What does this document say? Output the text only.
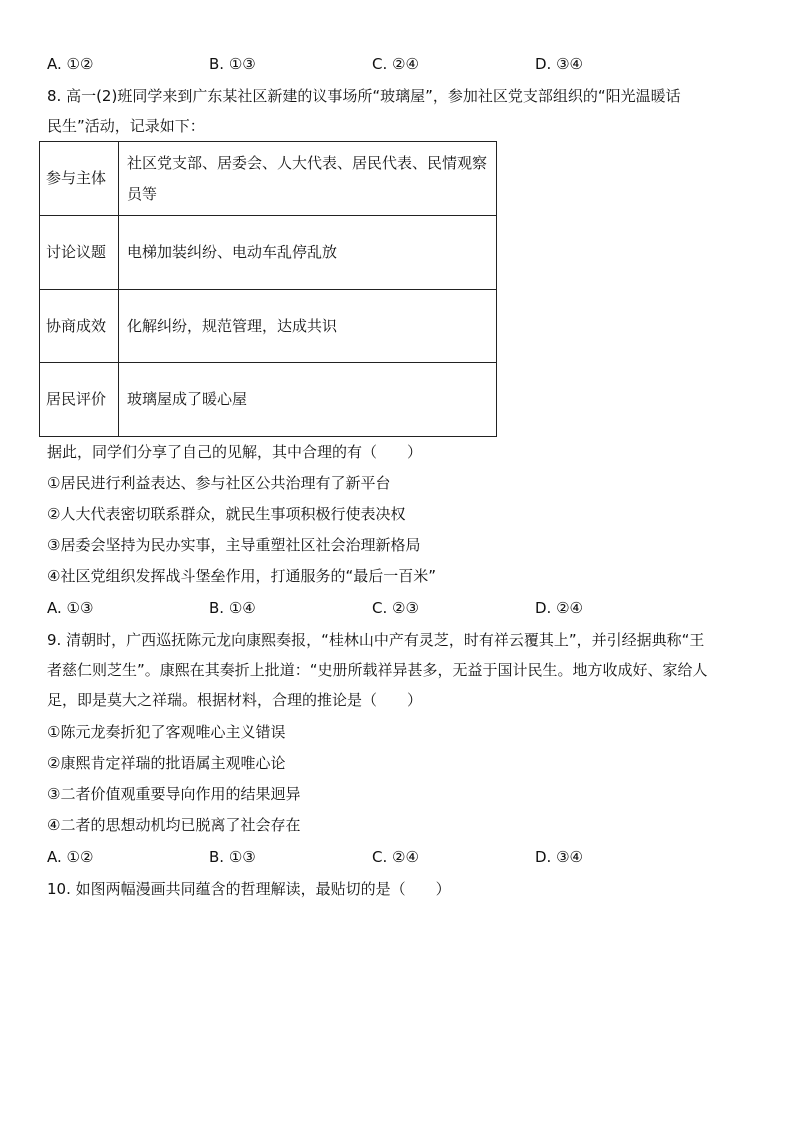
A. ①②	B. ①③	C. ②④	D. ③④
8. 高一(2)班同学来到广东某社区新建的议事场所“玻璃屋”，参加社区党支部组织的“阳光温暖话
民生”活动，记录如下：
参与主体	社区党支部、居委会、人大代表、居民代表、民情观察员等
讨论议题	电梯加装纠纷、电动车乱停乱放
协商成效	化解纠纷，规范管理，达成共识
居民评价	玻璃屋成了暖心屋
据此，同学们分享了自己的见解，其中合理的有（　　）
①居民进行利益表达、参与社区公共治理有了新平台
②人大代表密切联系群众，就民生事项积极行使表决权
③居委会坚持为民办实事，主导重塑社区社会治理新格局
④社区党组织发挥战斗堡垒作用，打通服务的“最后一百米”
A. ①③	B. ①④	C. ②③	D. ②④
9. 清朝时，广西巡抚陈元龙向康熙奏报，“桂林山中产有灵芝，时有祥云覆其上”，并引经据典称“王
者慈仁则芝生”。康熙在其奏折上批道：“史册所载祥异甚多，无益于国计民生。地方收成好、家给人
足，即是莫大之祥瑞。根据材料，合理的推论是（　　）
①陈元龙奏折犯了客观唯心主义错误
②康熙肯定祥瑞的批语属主观唯心论
③二者价值观重要导向作用的结果迥异
④二者的思想动机均已脱离了社会存在
A. ①②	B. ①③	C. ②④	D. ③④
10. 如图两幅漫画共同蕴含的哲理解读，最贴切的是（　　）
